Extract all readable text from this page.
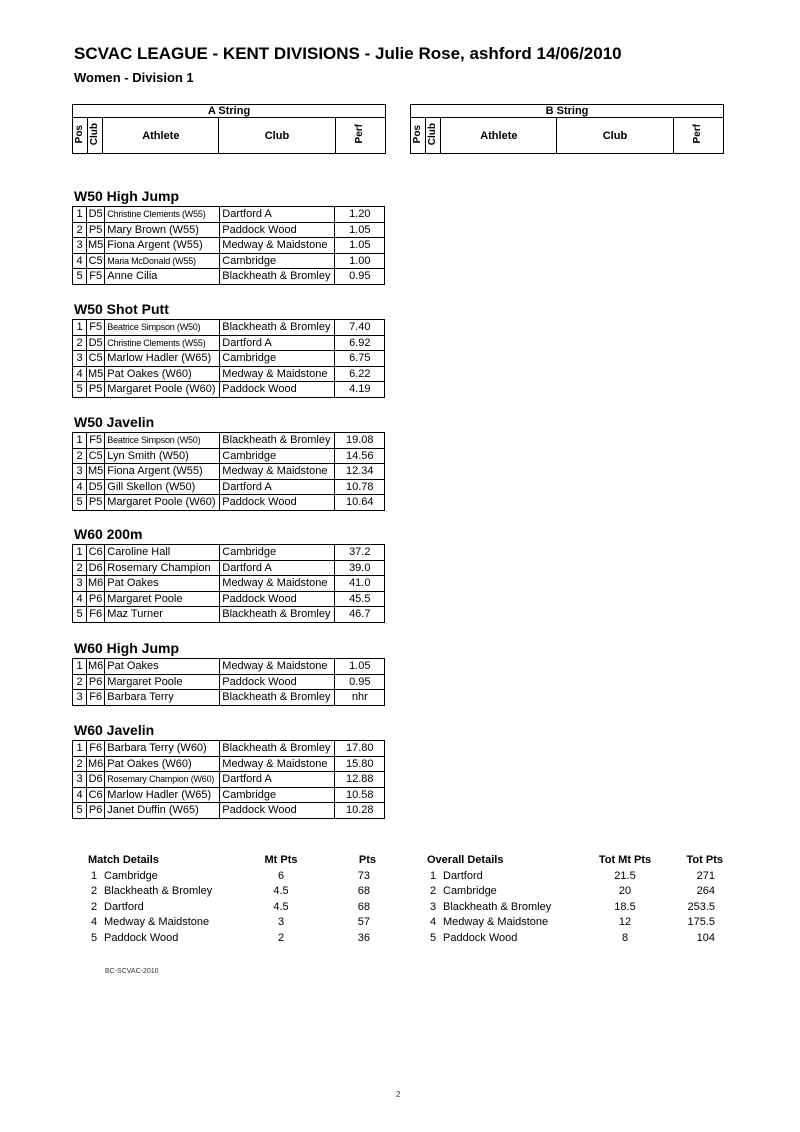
SCVAC LEAGUE - KENT DIVISIONS - Julie Rose, ashford 14/06/2010
Women - Division 1
A String
Pos	Club	Athlete	Club	Perf
B String
Pos	Club	Athlete	Club	Perf
W50 High Jump
1	D5	Christine Clements (W55)	Dartford A	1.20
2	P5	Mary Brown (W55)	Paddock Wood	1.05
3	M5	Fiona Argent (W55)	Medway & Maidstone	1.05
4	C5	Maria McDonald (W55)	Cambridge	1.00
5	F5	Anne Cilia	Blackheath & Bromley	0.95
W50 Shot Putt
1	F5	Beatrice Simpson (W50)	Blackheath & Bromley	7.40
2	D5	Christine Clements (W55)	Dartford A	6.92
3	C5	Marlow Hadler (W65)	Cambridge	6.75
4	M5	Pat Oakes (W60)	Medway & Maidstone	6.22
5	P5	Margaret Poole (W60)	Paddock Wood	4.19
W50 Javelin
1	F5	Beatrice Simpson (W50)	Blackheath & Bromley	19.08
2	C5	Lyn Smith (W50)	Cambridge	14.56
3	M5	Fiona Argent (W55)	Medway & Maidstone	12.34
4	D5	Gill Skellon (W50)	Dartford A	10.78
5	P5	Margaret Poole (W60)	Paddock Wood	10.64
W60 200m
1	C6	Caroline Hall	Cambridge	37.2
2	D6	Rosemary Champion	Dartford A	39.0
3	M6	Pat Oakes	Medway & Maidstone	41.0
4	P6	Margaret Poole	Paddock Wood	45.5
5	F6	Maz Turner	Blackheath & Bromley	46.7
W60 High Jump
1	M6	Pat Oakes	Medway & Maidstone	1.05
2	P6	Margaret Poole	Paddock Wood	0.95
3	F6	Barbara Terry	Blackheath & Bromley	nhr
W60 Javelin
1	F6	Barbara Terry (W60)	Blackheath & Bromley	17.80
2	M6	Pat Oakes (W60)	Medway & Maidstone	15.80
3	D6	Rosemary Champion (W60)	Dartford A	12.88
4	C6	Marlow Hadler (W65)	Cambridge	10.58
5	P6	Janet Duffin (W65)	Paddock Wood	10.28
Match Details		Mt Pts	Pts
1	Cambridge	6	73
2	Blackheath & Bromley	4.5	68
2	Dartford	4.5	68
4	Medway & Maidstone	3	57
5	Paddock Wood	2	36
Overall Details		Tot Mt Pts	Tot Pts
1	Dartford	21.5	271
2	Cambridge	20	264
3	Blackheath & Bromley	18.5	253.5
4	Medway & Maidstone	12	175.5
5	Paddock Wood	8	104
BC-SCVAC-2010
2
